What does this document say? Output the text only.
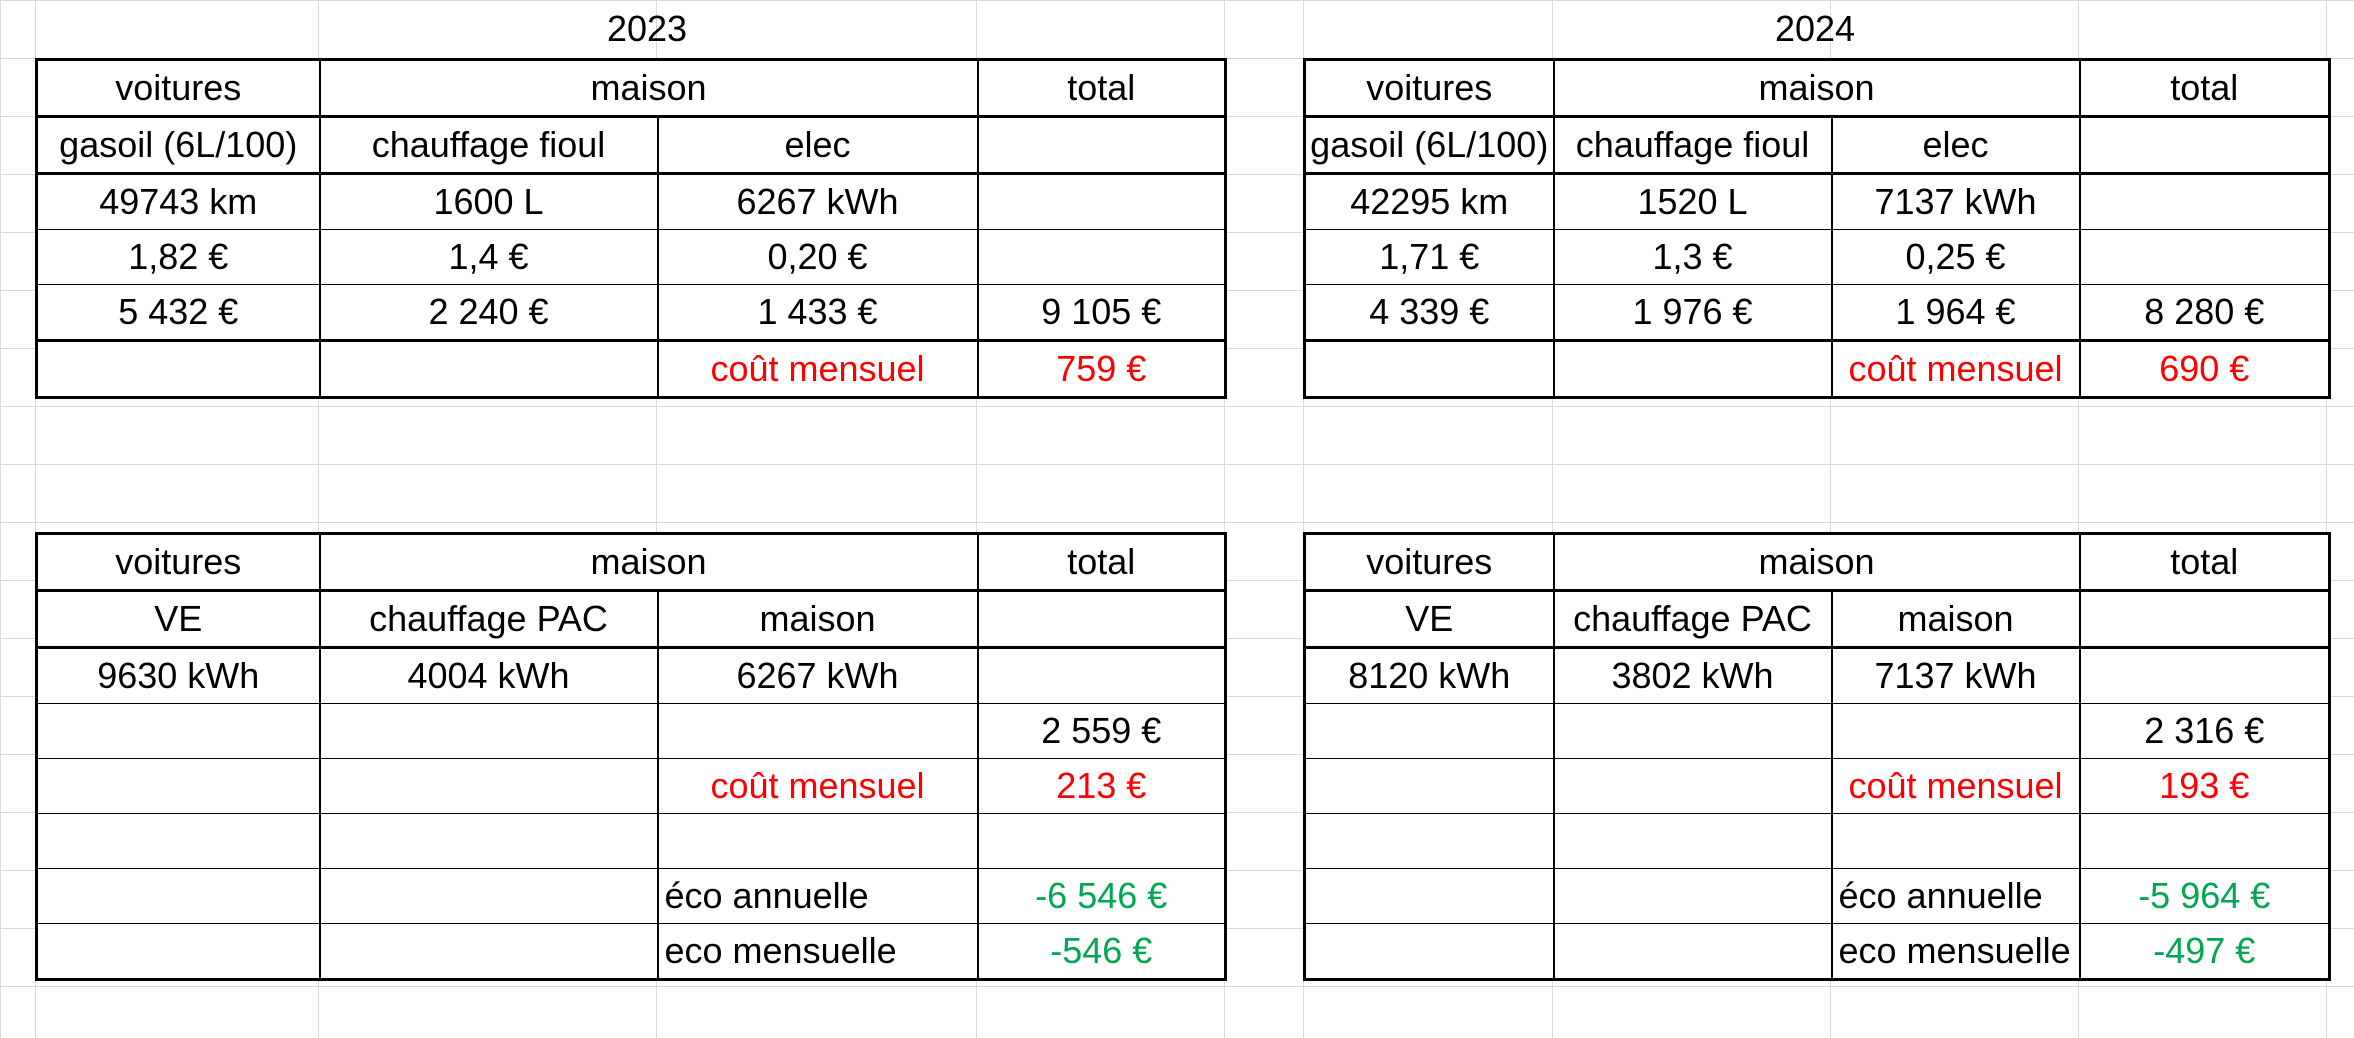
2023	2024
voitures	maison		total
gasoil (6L/100)	chauffage fioul	elec	
49743 km	1600 L	6267 kWh	
1,82 €	1,4 €	0,20 €	
5 432 €	2 240 €	1 433 €	9 105 €
		coût mensuel	759 €
voitures	maison		total
gasoil (6L/100)	chauffage fioul	elec	
42295 km	1520 L	7137 kWh	
1,71 €	1,3 €	0,25 €	
4 339 €	1 976 €	1 964 €	8 280 €
		coût mensuel	690 €
voitures	maison		total
VE	chauffage PAC	maison	
9630 kWh	4004 kWh	6267 kWh	
			2 559 €
		coût mensuel	213 €

		éco annuelle	-6 546 €
		eco mensuelle	-546 €
voitures	maison		total
VE	chauffage PAC	maison	
8120 kWh	3802 kWh	7137 kWh	
			2 316 €
		coût mensuel	193 €

		éco annuelle	-5 964 €
		eco mensuelle	-497 €
